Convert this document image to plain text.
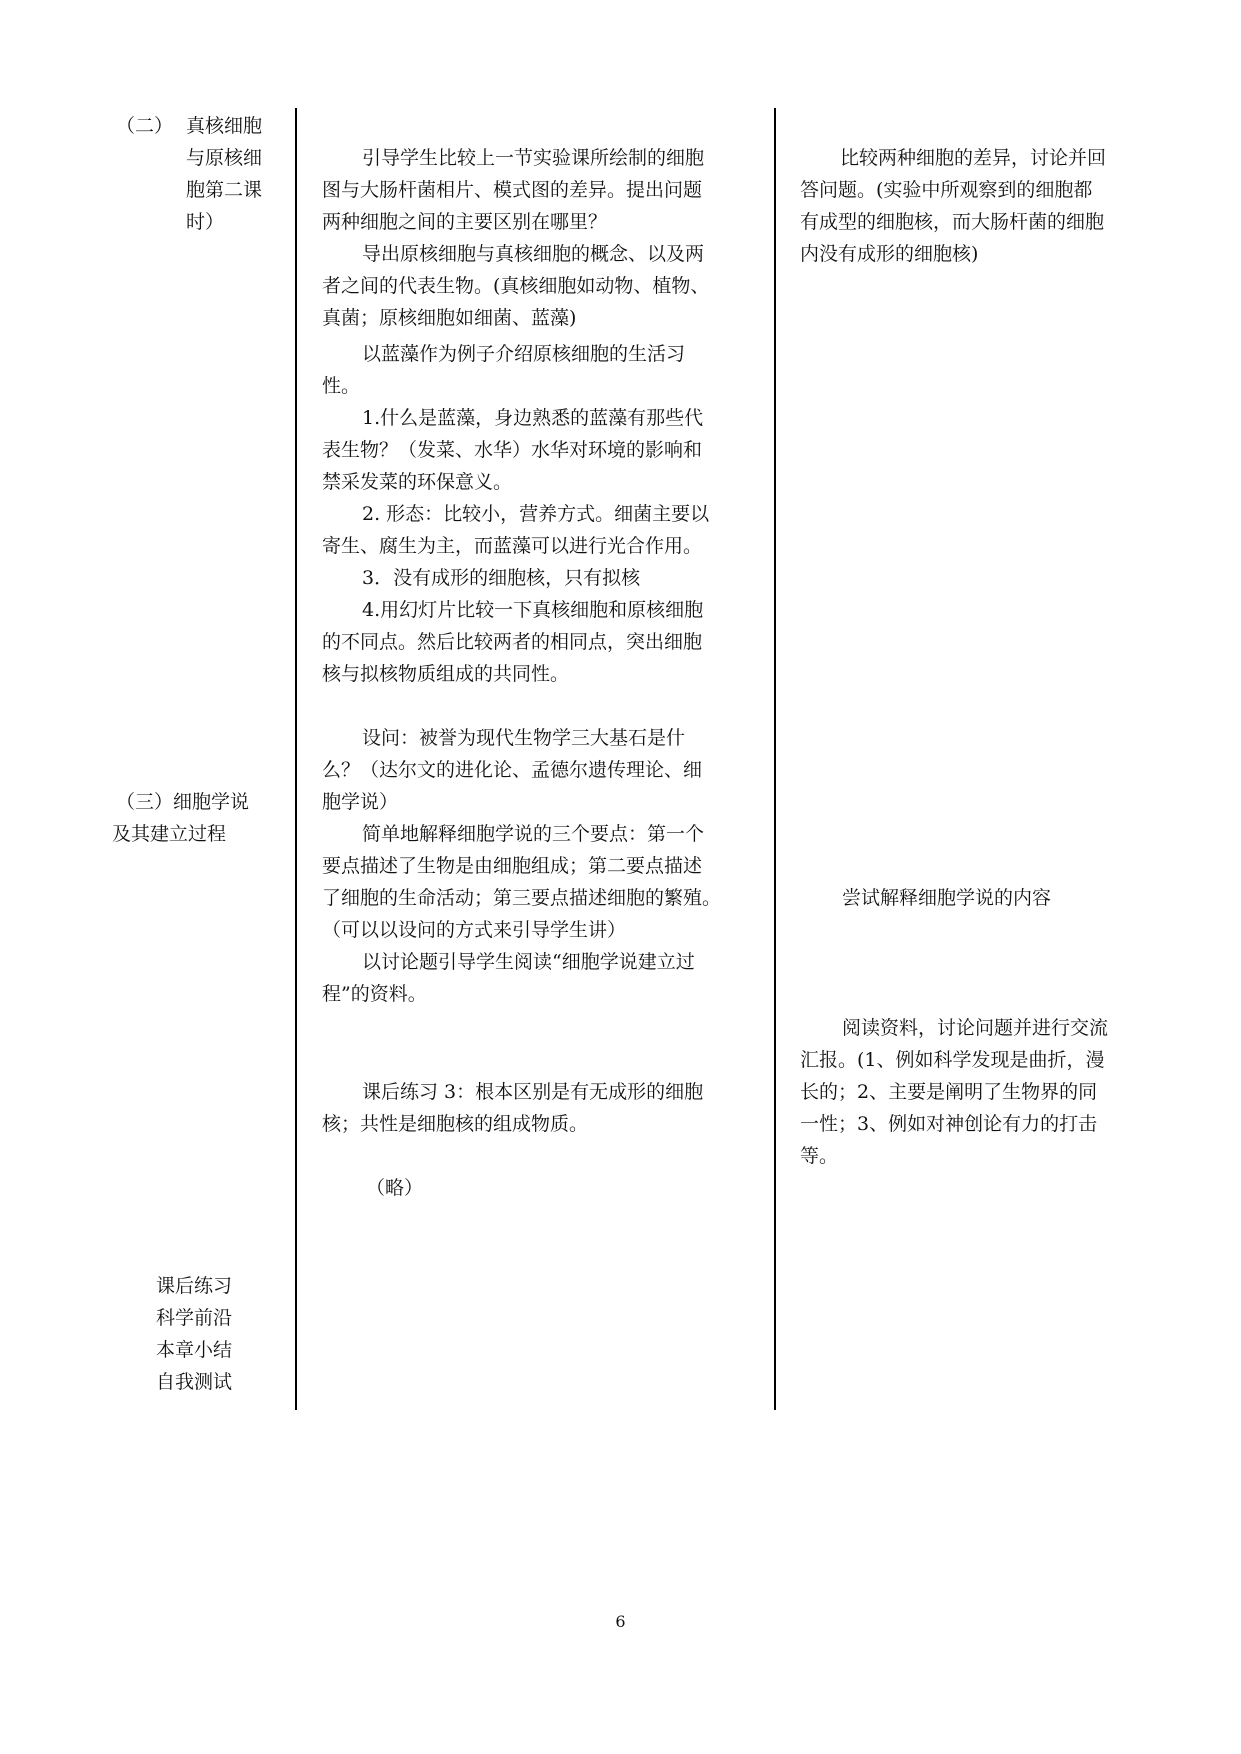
（二） 真核细胞
与原核细
胞第二课
时）
（三）细胞学说
及其建立过程
课后练习
科学前沿
本章小结
自我测试
引导学生比较上一节实验课所绘制的细胞
图与大肠杆菌相片、模式图的差异。提出问题
两种细胞之间的主要区别在哪里？
导出原核细胞与真核细胞的概念、以及两
者之间的代表生物。(真核细胞如动物、植物、
真菌；原核细胞如细菌、蓝藻)
以蓝藻作为例子介绍原核细胞的生活习
性。
1.什么是蓝藻，身边熟悉的蓝藻有那些代
表生物？（发菜、水华）水华对环境的影响和
禁采发菜的环保意义。
2. 形态：比较小，营养方式。细菌主要以
寄生、腐生为主，而蓝藻可以进行光合作用。
3．没有成形的细胞核，只有拟核
4.用幻灯片比较一下真核细胞和原核细胞
的不同点。然后比较两者的相同点，突出细胞
核与拟核物质组成的共同性。
设问：被誉为现代生物学三大基石是什
么？（达尔文的进化论、孟德尔遗传理论、细
胞学说）
简单地解释细胞学说的三个要点：第一个
要点描述了生物是由细胞组成；第二要点描述
了细胞的生命活动；第三要点描述细胞的繁殖。
（可以以设问的方式来引导学生讲）
以讨论题引导学生阅读“细胞学说建立过
程”的资料。
课后练习 3：根本区别是有无成形的细胞
核；共性是细胞核的组成物质。
（略）
比较两种细胞的差异，讨论并回
答问题。(实验中所观察到的细胞都
有成型的细胞核，而大肠杆菌的细胞
内没有成形的细胞核)
尝试解释细胞学说的内容
阅读资料，讨论问题并进行交流
汇报。(1、例如科学发现是曲折，漫
长的；2、主要是阐明了生物界的同
一性；3、例如对神创论有力的打击
等。
6
